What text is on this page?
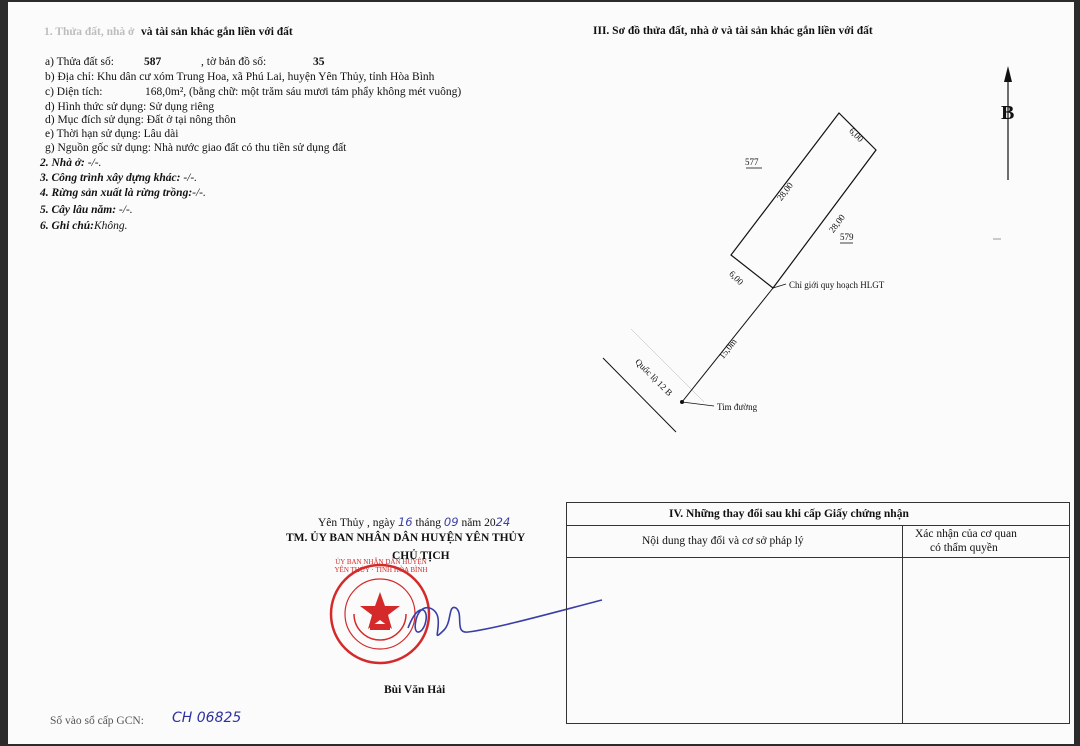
1. Thửa đất, nhà ở và tài sản khác gắn liền với đất
a) Thửa đất số:	587	, tờ bản đồ số:	35
b) Địa chỉ: Khu dân cư xóm Trung Hoa, xã Phú Lai, huyện Yên Thủy, tỉnh Hòa Bình
c) Diện tích:	168,0m², (bằng chữ: một trăm sáu mươi tám phẩy không mét vuông)
d) Hình thức sử dụng: Sử dụng riêng
d) Mục đích sử dụng: Đất ở tại nông thôn
e) Thời hạn sử dụng: Lâu dài
g) Nguồn gốc sử dụng: Nhà nước giao đất có thu tiền sử dụng đất
2. Nhà ở: -/-.
3. Công trình xây dựng khác: -/-.
4. Rừng sản xuất là rừng trồng:-/-.
5. Cây lâu năm: -/-.
6. Ghi chú:Không.
III. Sơ đồ thửa đất, nhà ở và tài sản khác gắn liền với đất
ỦY BAN NHÂN DÂN HUYỆN YÊN THỦY · TỈNH HÒA BÌNH
B
577
579
6,00
6,00
28,00
28,00
15,0m
Quốc lộ 12 B
Chỉ giới quy hoạch HLGT
Tim đường
Yên Thủy , ngày 16 tháng 09 năm 2024
TM. ỦY BAN NHÂN DÂN HUYỆN YÊN THỦY
CHỦ TỊCH
Bùi Văn Hải
Số vào sổ cấp GCN: CH 06825
IV. Những thay đổi sau khi cấp Giấy chứng nhận
Nội dung thay đổi và cơ sở pháp lý
Xác nhận của cơ quan
có thẩm quyền
